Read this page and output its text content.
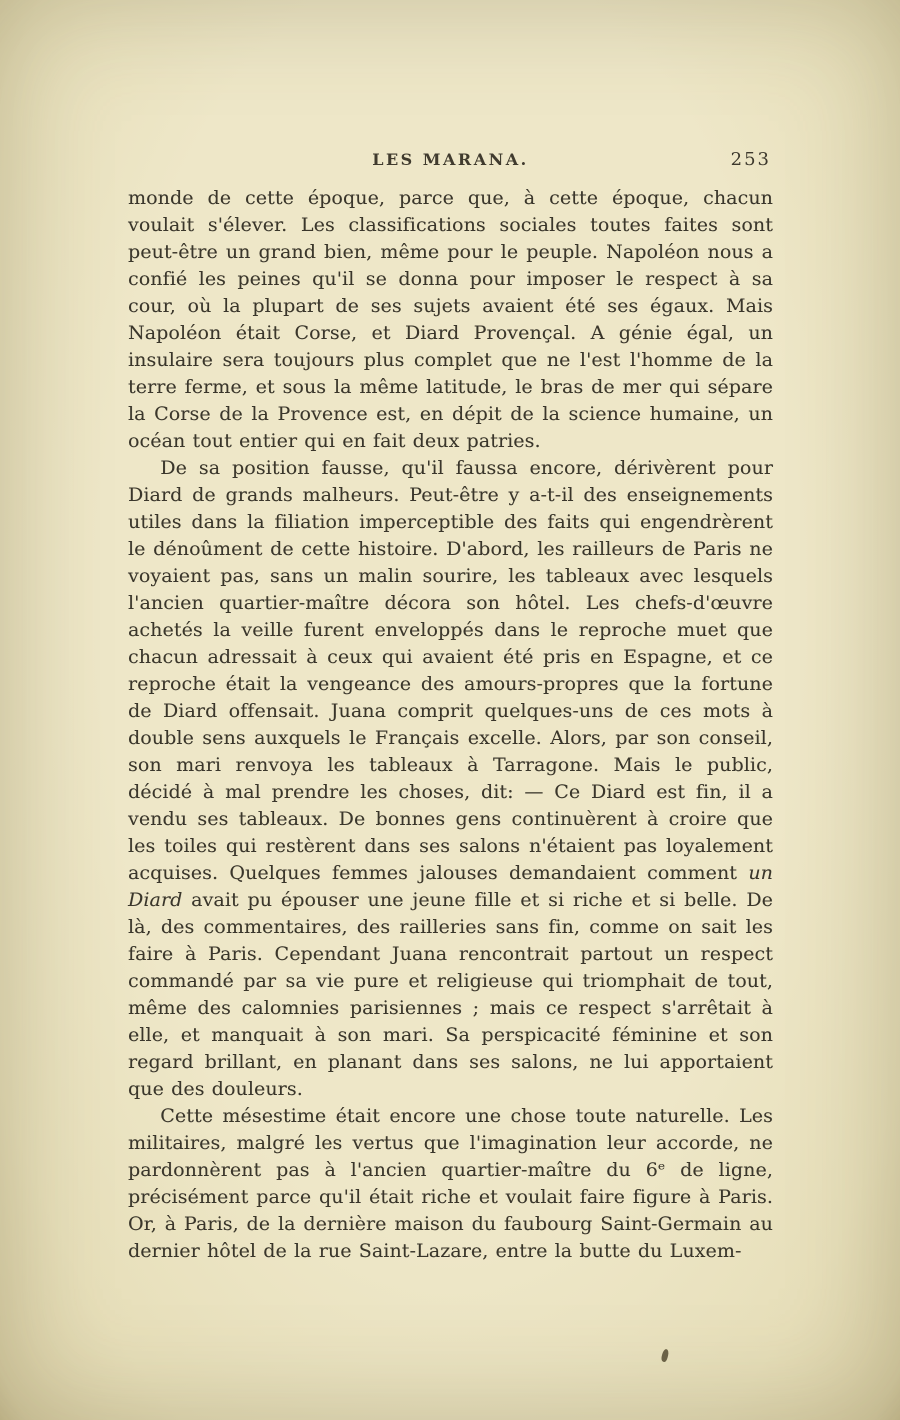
LES MARANA.	253

monde de cette époque, parce que, à cette époque, chacun voulait s'élever. Les classifications sociales toutes faites sont peut-être un grand bien, même pour le peuple. Napoléon nous a confié les peines qu'il se donna pour imposer le respect à sa cour, où la plupart de ses sujets avaient été ses égaux. Mais Napoléon était Corse, et Diard Provençal. A génie égal, un insulaire sera toujours plus complet que ne l'est l'homme de la terre ferme, et sous la même latitude, le bras de mer qui sépare la Corse de la Provence est, en dépit de la science humaine, un océan tout entier qui en fait deux patries.

De sa position fausse, qu'il faussa encore, dérivèrent pour Diard de grands malheurs. Peut-être y a-t-il des enseignements utiles dans la filiation imperceptible des faits qui engendrèrent le dénoûment de cette histoire. D'abord, les railleurs de Paris ne voyaient pas, sans un malin sourire, les tableaux avec lesquels l'ancien quartier-maître décora son hôtel. Les chefs-d'œuvre achetés la veille furent enveloppés dans le reproche muet que chacun adressait à ceux qui avaient été pris en Espagne, et ce reproche était la vengeance des amours-propres que la fortune de Diard offensait. Juana comprit quelques-uns de ces mots à double sens auxquels le Français excelle. Alors, par son conseil, son mari renvoya les tableaux à Tarragone. Mais le public, décidé à mal prendre les choses, dit: — Ce Diard est fin, il a vendu ses tableaux. De bonnes gens continuèrent à croire que les toiles qui restèrent dans ses salons n'étaient pas loyalement acquises. Quelques femmes jalouses demandaient comment un Diard avait pu épouser une jeune fille et si riche et si belle. De là, des commentaires, des railleries sans fin, comme on sait les faire à Paris. Cependant Juana rencontrait partout un respect commandé par sa vie pure et religieuse qui triomphait de tout, même des calomnies parisiennes ; mais ce respect s'arrêtait à elle, et manquait à son mari. Sa perspicacité féminine et son regard brillant, en planant dans ses salons, ne lui apportaient que des douleurs.

Cette mésestime était encore une chose toute naturelle. Les militaires, malgré les vertus que l'imagination leur accorde, ne pardonnèrent pas à l'ancien quartier-maître du 6ᵉ de ligne, précisément parce qu'il était riche et voulait faire figure à Paris. Or, à Paris, de la dernière maison du faubourg Saint-Germain au dernier hôtel de la rue Saint-Lazare, entre la butte du Luxem-
